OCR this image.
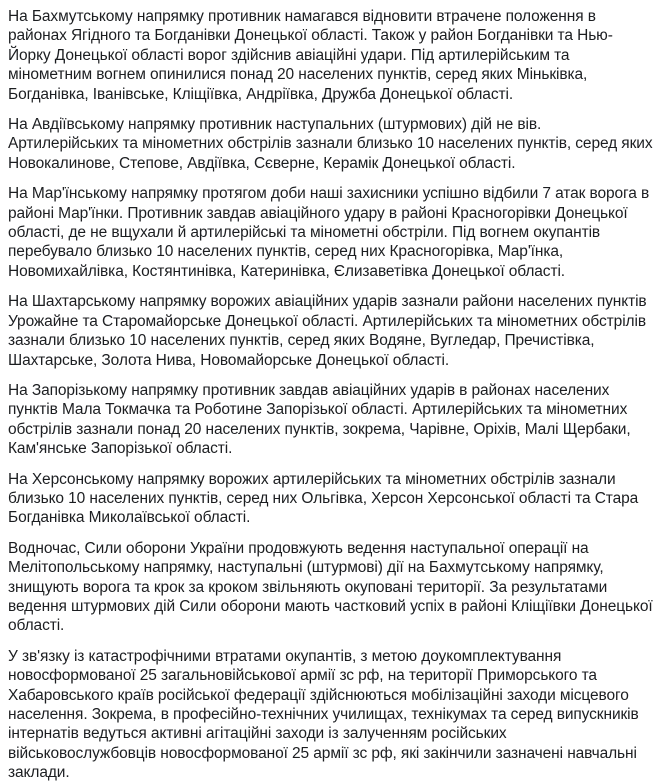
На Бахмутському напрямку противник намагався відновити втрачене положення в районах Ягідного та Богданівки Донецької області. Також у район Богданівки та Нью-Йорку Донецької області ворог здійснив авіаційні удари. Під артилерійським та мінометним вогнем опинилися понад 20 населених пунктів, серед яких Міньківка, Богданівка, Іванівське, Кліщіївка, Андріївка, Дружба Донецької області.

На Авдіївському напрямку противник наступальних (штурмових) дій не вів. Артилерійських та мінометних обстрілів зазнали близько 10 населених пунктів, серед яких Новокалинове, Степове, Авдіївка, Сєверне, Керамік Донецької області.

На Мар'їнському напрямку протягом доби наші захисники успішно відбили 7 атак ворога в районі Мар'їнки. Противник завдав авіаційного удару в районі Красногорівки Донецької області, де не вщухали й артилерійські та мінометні обстріли. Під вогнем окупантів перебувало близько 10 населених пунктів, серед них Красногорівка, Мар'їнка, Новомихайлівка, Костянтинівка, Катеринівка, Єлизаветівка Донецької області.

На Шахтарському напрямку ворожих авіаційних ударів зазнали райони населених пунктів Урожайне та Старомайорське Донецької області. Артилерійських та мінометних обстрілів зазнали близько 10 населених пунктів, серед яких Водяне, Вугледар, Пречистівка, Шахтарське, Золота Нива, Новомайорське Донецької області.

На Запорізькому напрямку противник завдав авіаційних ударів в районах населених пунктів Мала Токмачка та Роботине Запорізької області. Артилерійських та мінометних обстрілів зазнали понад 20 населених пунктів, зокрема, Чарівне, Оріхів, Малі Щербаки, Кам'янське Запорізької області.

На Херсонському напрямку ворожих артилерійських та мінометних обстрілів зазнали близько 10 населених пунктів, серед них Ольгівка, Херсон Херсонської області та Стара Богданівка Миколаївської області.

Водночас, Сили оборони України продовжують ведення наступальної операції на Мелітопольському напрямку, наступальні (штурмові) дії на Бахмутському напрямку, знищують ворога та крок за кроком звільняють окуповані території. За результатами ведення штурмових дій Сили оборони мають частковий успіх в районі Кліщіївки Донецької області.

У зв'язку із катастрофічними втратами окупантів, з метою доукомплектування новосформованої 25 загальновійськової армії зс рф, на території Приморського та Хабаровського країв російської федерації здійснюються мобілізаційні заходи місцевого населення. Зокрема, в професійно-технічних училищах, технікумах та серед випускників інтернатів ведуться активні агітаційні заходи із залученням російських військовослужбовців новосформованої 25 армії зс рф, які закінчили зазначені навчальні заклади.
